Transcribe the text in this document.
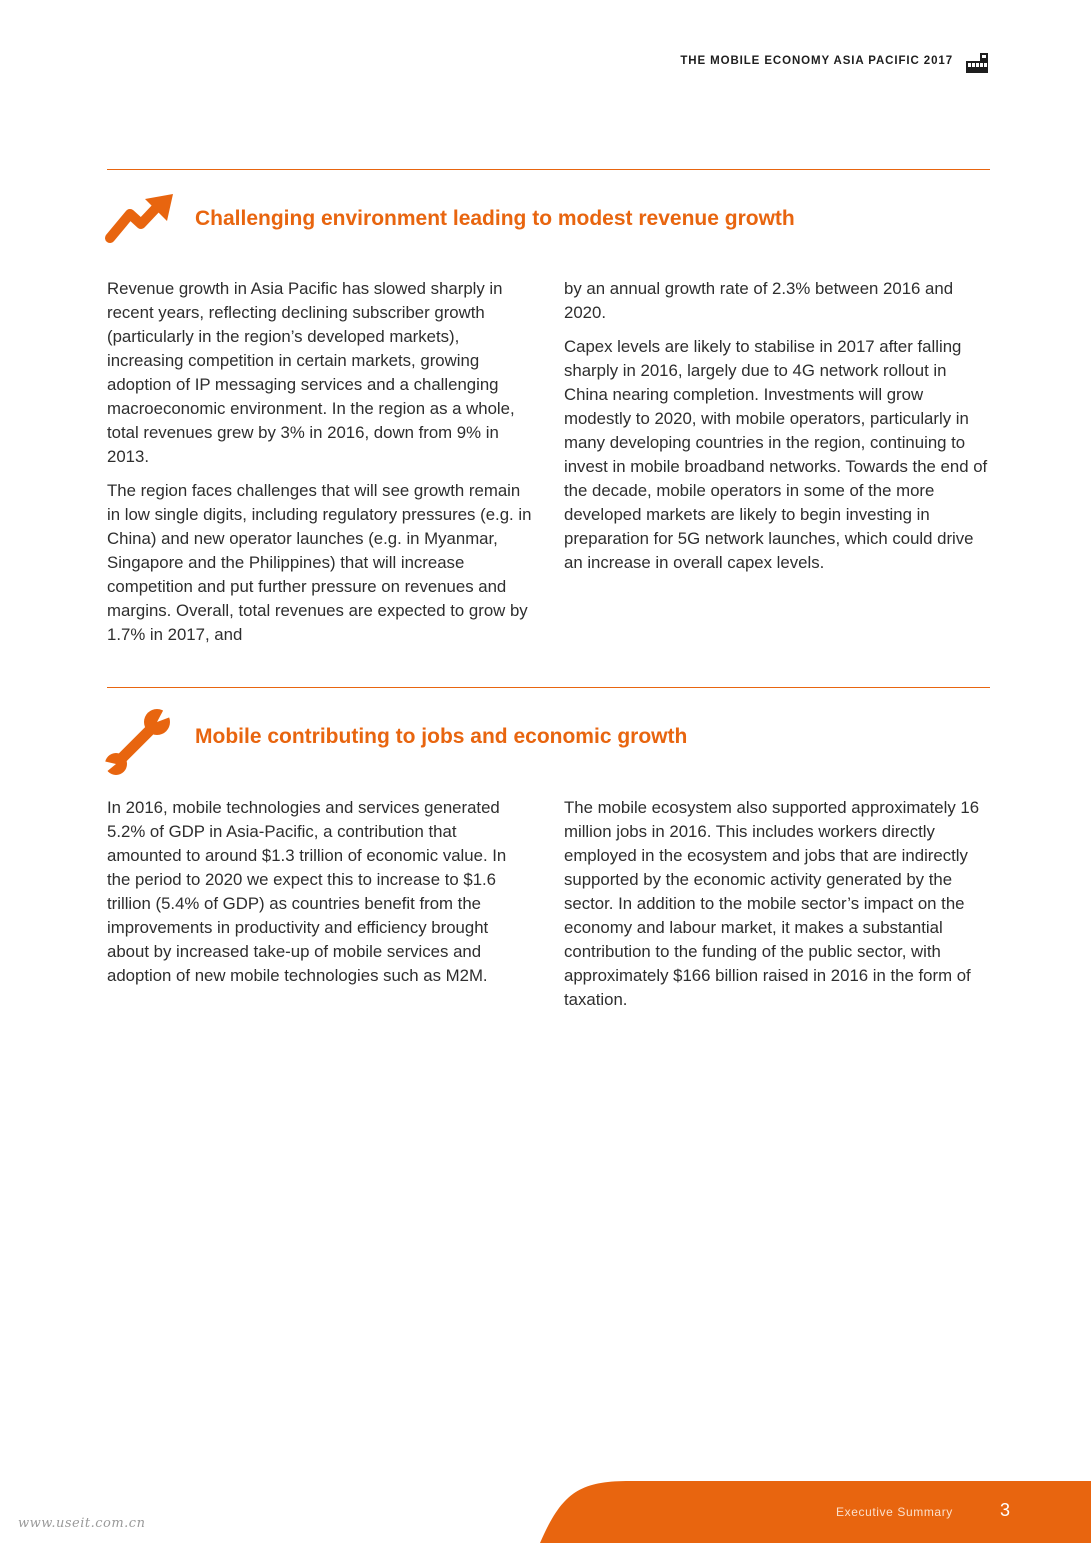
THE MOBILE ECONOMY ASIA PACIFIC 2017
Challenging environment leading to modest revenue growth

Revenue growth in Asia Pacific has slowed sharply in recent years, reflecting declining subscriber growth (particularly in the region’s developed markets), increasing competition in certain markets, growing adoption of IP messaging services and a challenging macroeconomic environment. In the region as a whole, total revenues grew by 3% in 2016, down from 9% in 2013.

The region faces challenges that will see growth remain in low single digits, including regulatory pressures (e.g. in China) and new operator launches (e.g. in Myanmar, Singapore and the Philippines) that will increase competition and put further pressure on revenues and margins. Overall, total revenues are expected to grow by 1.7% in 2017, and

by an annual growth rate of 2.3% between 2016 and 2020.

Capex levels are likely to stabilise in 2017 after falling sharply in 2016, largely due to 4G network rollout in China nearing completion. Investments will grow modestly to 2020, with mobile operators, particularly in many developing countries in the region, continuing to invest in mobile broadband networks. Towards the end of the decade, mobile operators in some of the more developed markets are likely to begin investing in preparation for 5G network launches, which could drive an increase in overall capex levels.

Mobile contributing to jobs and economic growth

In 2016, mobile technologies and services generated 5.2% of GDP in Asia-Pacific, a contribution that amounted to around $1.3 trillion of economic value. In the period to 2020 we expect this to increase to $1.6 trillion (5.4% of GDP) as countries benefit from the improvements in productivity and efficiency brought about by increased take-up of mobile services and adoption of new mobile technologies such as M2M.

The mobile ecosystem also supported approximately 16 million jobs in 2016. This includes workers directly employed in the ecosystem and jobs that are indirectly supported by the economic activity generated by the sector. In addition to the mobile sector’s impact on the economy and labour market, it makes a substantial contribution to the funding of the public sector, with approximately $166 billion raised in 2016 in the form of taxation.

Executive Summary	3
www.useit.com.cn
